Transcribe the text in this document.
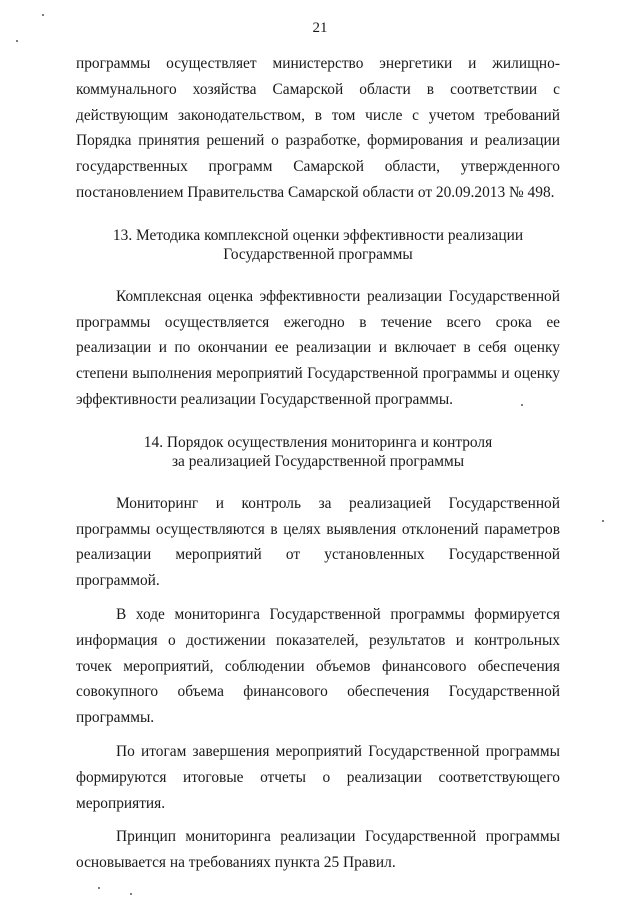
21

программы осуществляет министерство энергетики и жилищно-коммунального хозяйства Самарской области в соответствии с действующим законодательством, в том числе с учетом требований Порядка принятия решений о разработке, формирования и реализации государственных программ Самарской области, утвержденного постановлением Правительства Самарской области от 20.09.2013 № 498.

13. Методика комплексной оценки эффективности реализации
Государственной программы

Комплексная оценка эффективности реализации Государственной программы осуществляется ежегодно в течение всего срока ее реализации и по окончании ее реализации и включает в себя оценку степени выполнения мероприятий Государственной программы и оценку эффективности реализации Государственной программы.

14. Порядок осуществления мониторинга и контроля
за реализацией Государственной программы

Мониторинг и контроль за реализацией Государственной программы осуществляются в целях выявления отклонений параметров реализации мероприятий от установленных Государственной программой.

В ходе мониторинга Государственной программы формируется информация о достижении показателей, результатов и контрольных точек мероприятий, соблюдении объемов финансового обеспечения совокупного объема финансового обеспечения Государственной программы.

По итогам завершения мероприятий Государственной программы формируются итоговые отчеты о реализации соответствующего мероприятия.

Принцип мониторинга реализации Государственной программы основывается на требованиях пункта 25 Правил.
